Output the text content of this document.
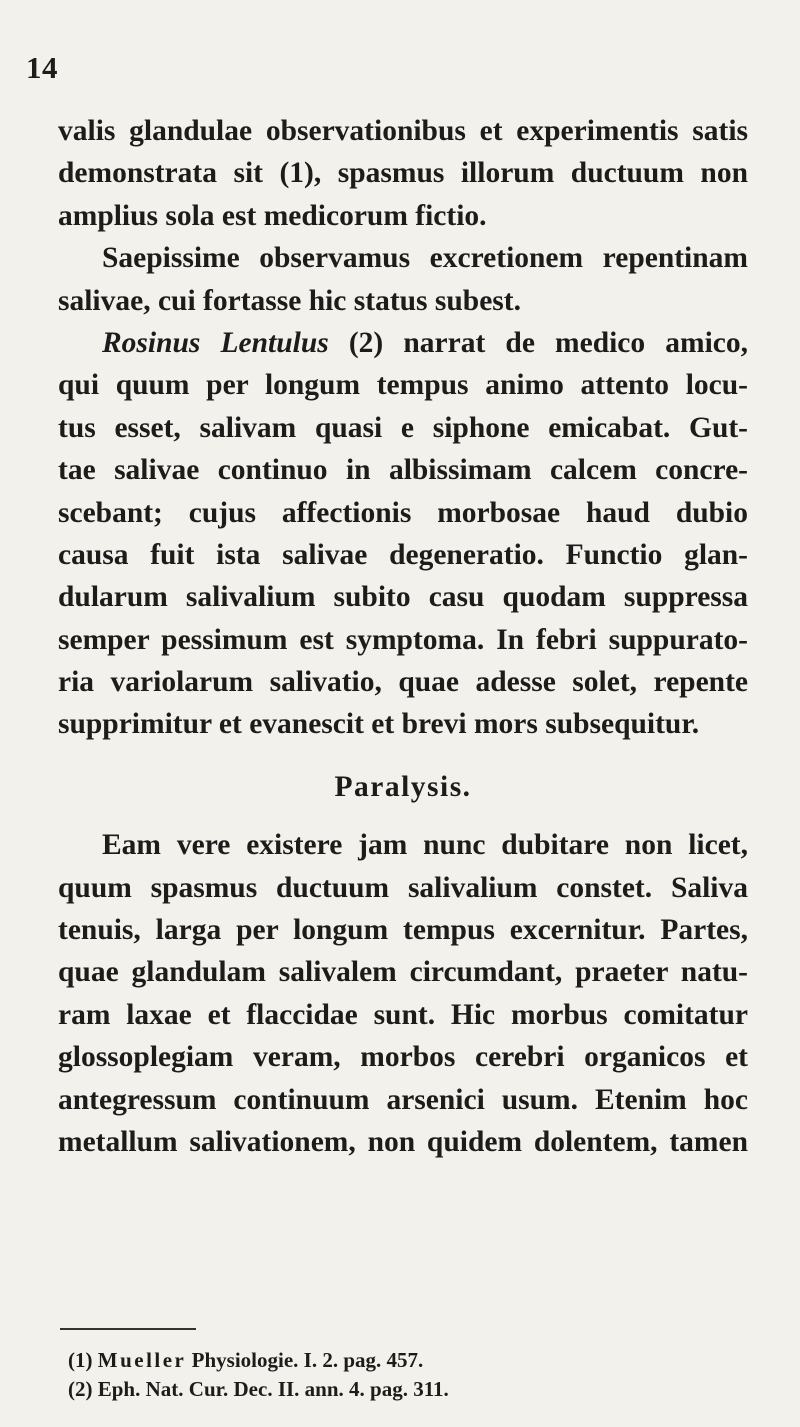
14
valis glandulae observationibus et experimentis satis
demonstrata sit (1), spasmus illorum ductuum non
amplius sola est medicorum fictio.
Saepissime observamus excretionem repentinam
salivae, cui fortasse hic status subest.
Rosinus Lentulus (2) narrat de medico amico,
qui quum per longum tempus animo attento locu-
tus esset, salivam quasi e siphone emicabat. Gut-
tae salivae continuo in albissimam calcem concre-
scebant; cujus affectionis morbosae haud dubio
causa fuit ista salivae degeneratio. Functio glan-
dularum salivalium subito casu quodam suppressa
semper pessimum est symptoma. In febri suppurato-
ria variolarum salivatio, quae adesse solet, repente
supprimitur et evanescit et brevi mors subsequitur.
Paralysis.
Eam vere existere jam nunc dubitare non licet,
quum spasmus ductuum salivalium constet. Saliva
tenuis, larga per longum tempus excernitur. Partes,
quae glandulam salivalem circumdant, praeter natu-
ram laxae et flaccidae sunt. Hic morbus comitatur
glossoplegiam veram, morbos cerebri organicos et
antegressum continuum arsenici usum. Etenim hoc
metallum salivationem, non quidem dolentem, tamen
(1) Mueller Physiologie. I. 2. pag. 457.
(2) Eph. Nat. Cur. Dec. II. ann. 4. pag. 311.
